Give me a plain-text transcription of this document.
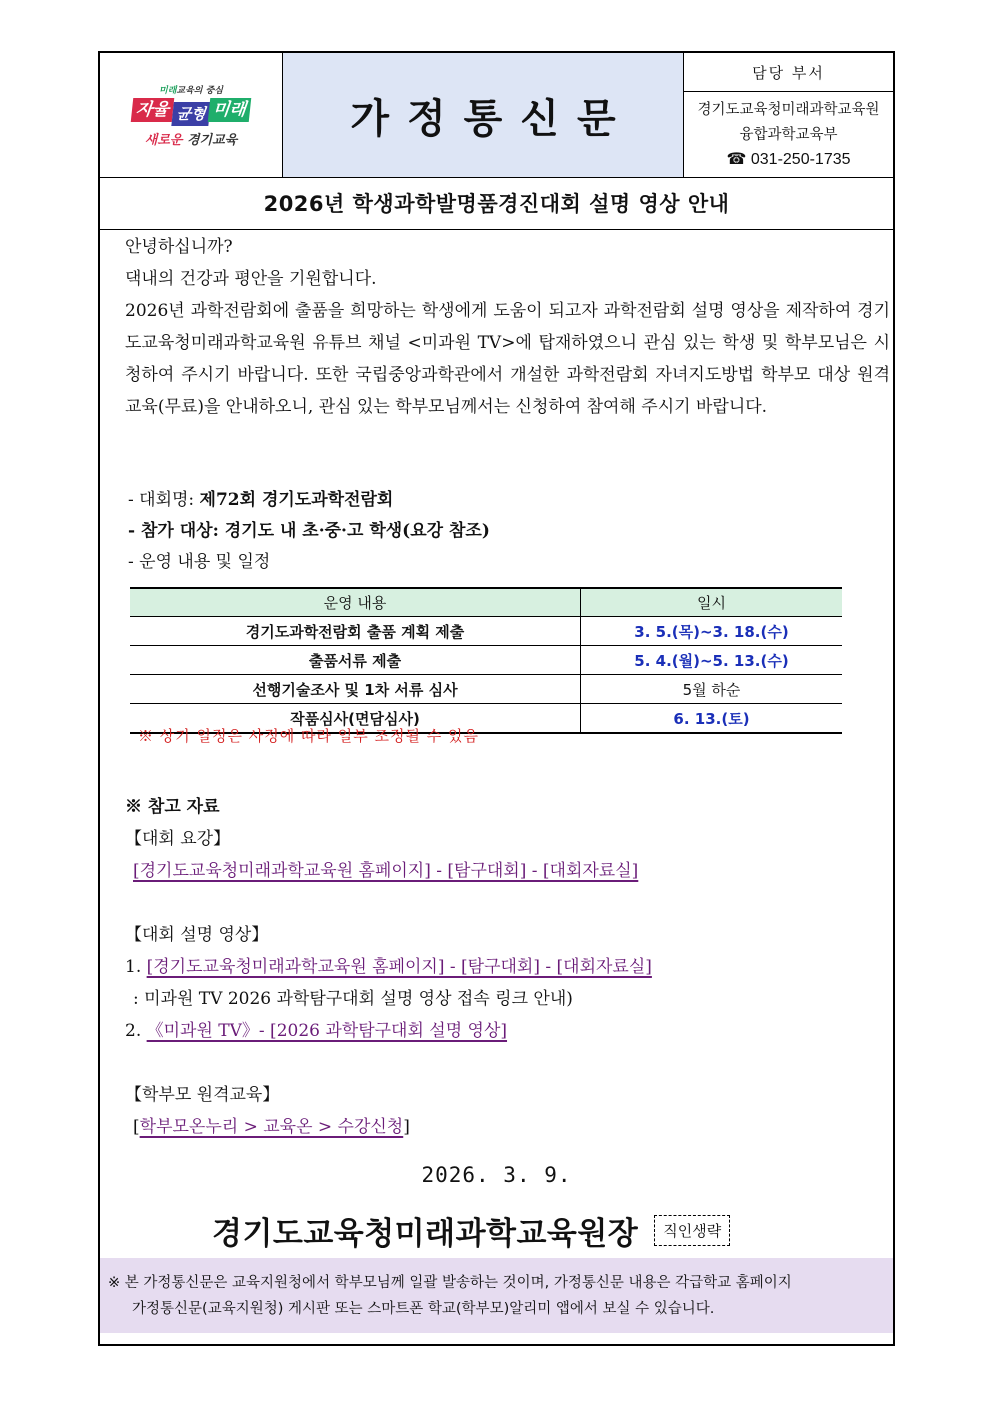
미래교육의 중심
자율 균형 미래
새로운 경기교육	가정통신문
담당 부서
경기도교육청미래과학교육원
융합과학교육부
☎ 031-250-1735
2026년 학생과학발명품경진대회 설명 영상 안내

안녕하십니까?

댁내의 건강과 평안을 기원합니다.

2026년 과학전람회에 출품을 희망하는 학생에게 도움이 되고자 과학전람회 설명 영상을 제작하여 경기도교육청미래과학교육원 유튜브 채널 <미과원 TV>에 탑재하였으니 관심 있는 학생 및 학부모님은 시청하여 주시기 바랍니다. 또한 국립중앙과학관에서 개설한 과학전람회 자녀지도방법 학부모 대상 원격교육(무료)을 안내하오니, 관심 있는 학부모님께서는 신청하여 참여해 주시기 바랍니다.

- 대회명: 제72회 경기도과학전람회
- 참가 대상: 경기도 내 초·중·고 학생(요강 참조)
- 운영 내용 및 일정
운영 내용	일시
경기도과학전람회 출품 계획 제출	3. 5.(목)~3. 18.(수)
출품서류 제출	5. 4.(월)~5. 13.(수)
선행기술조사 및 1차 서류 심사	5월 하순
작품심사(면담심사)	6. 13.(토)
※ 상기 일정은 사정에 따라 일부 조정될 수 있음
※ 참고 자료
【대회 요강】
[경기도교육청미래과학교육원 홈페이지] - [탐구대회] - [대회자료실]
【대회 설명 영상】
1. [경기도교육청미래과학교육원 홈페이지] - [탐구대회] - [대회자료실]
: 미과원 TV 2026 과학탐구대회 설명 영상 접속 링크 안내)
2. 《미과원 TV》- [2026 과학탐구대회 설명 영상]
【학부모 원격교육】
[학부모온누리 > 교육온 > 수강신청]
2026. 3. 9.
경기도교육청미래과학교육원장	직인생략
※ 본 가정통신문은 교육지원청에서 학부모님께 일괄 발송하는 것이며, 가정통신문 내용은 각급학교 홈페이지
가정통신문(교육지원청) 게시판 또는 스마트폰 학교(학부모)알리미 앱에서 보실 수 있습니다.
